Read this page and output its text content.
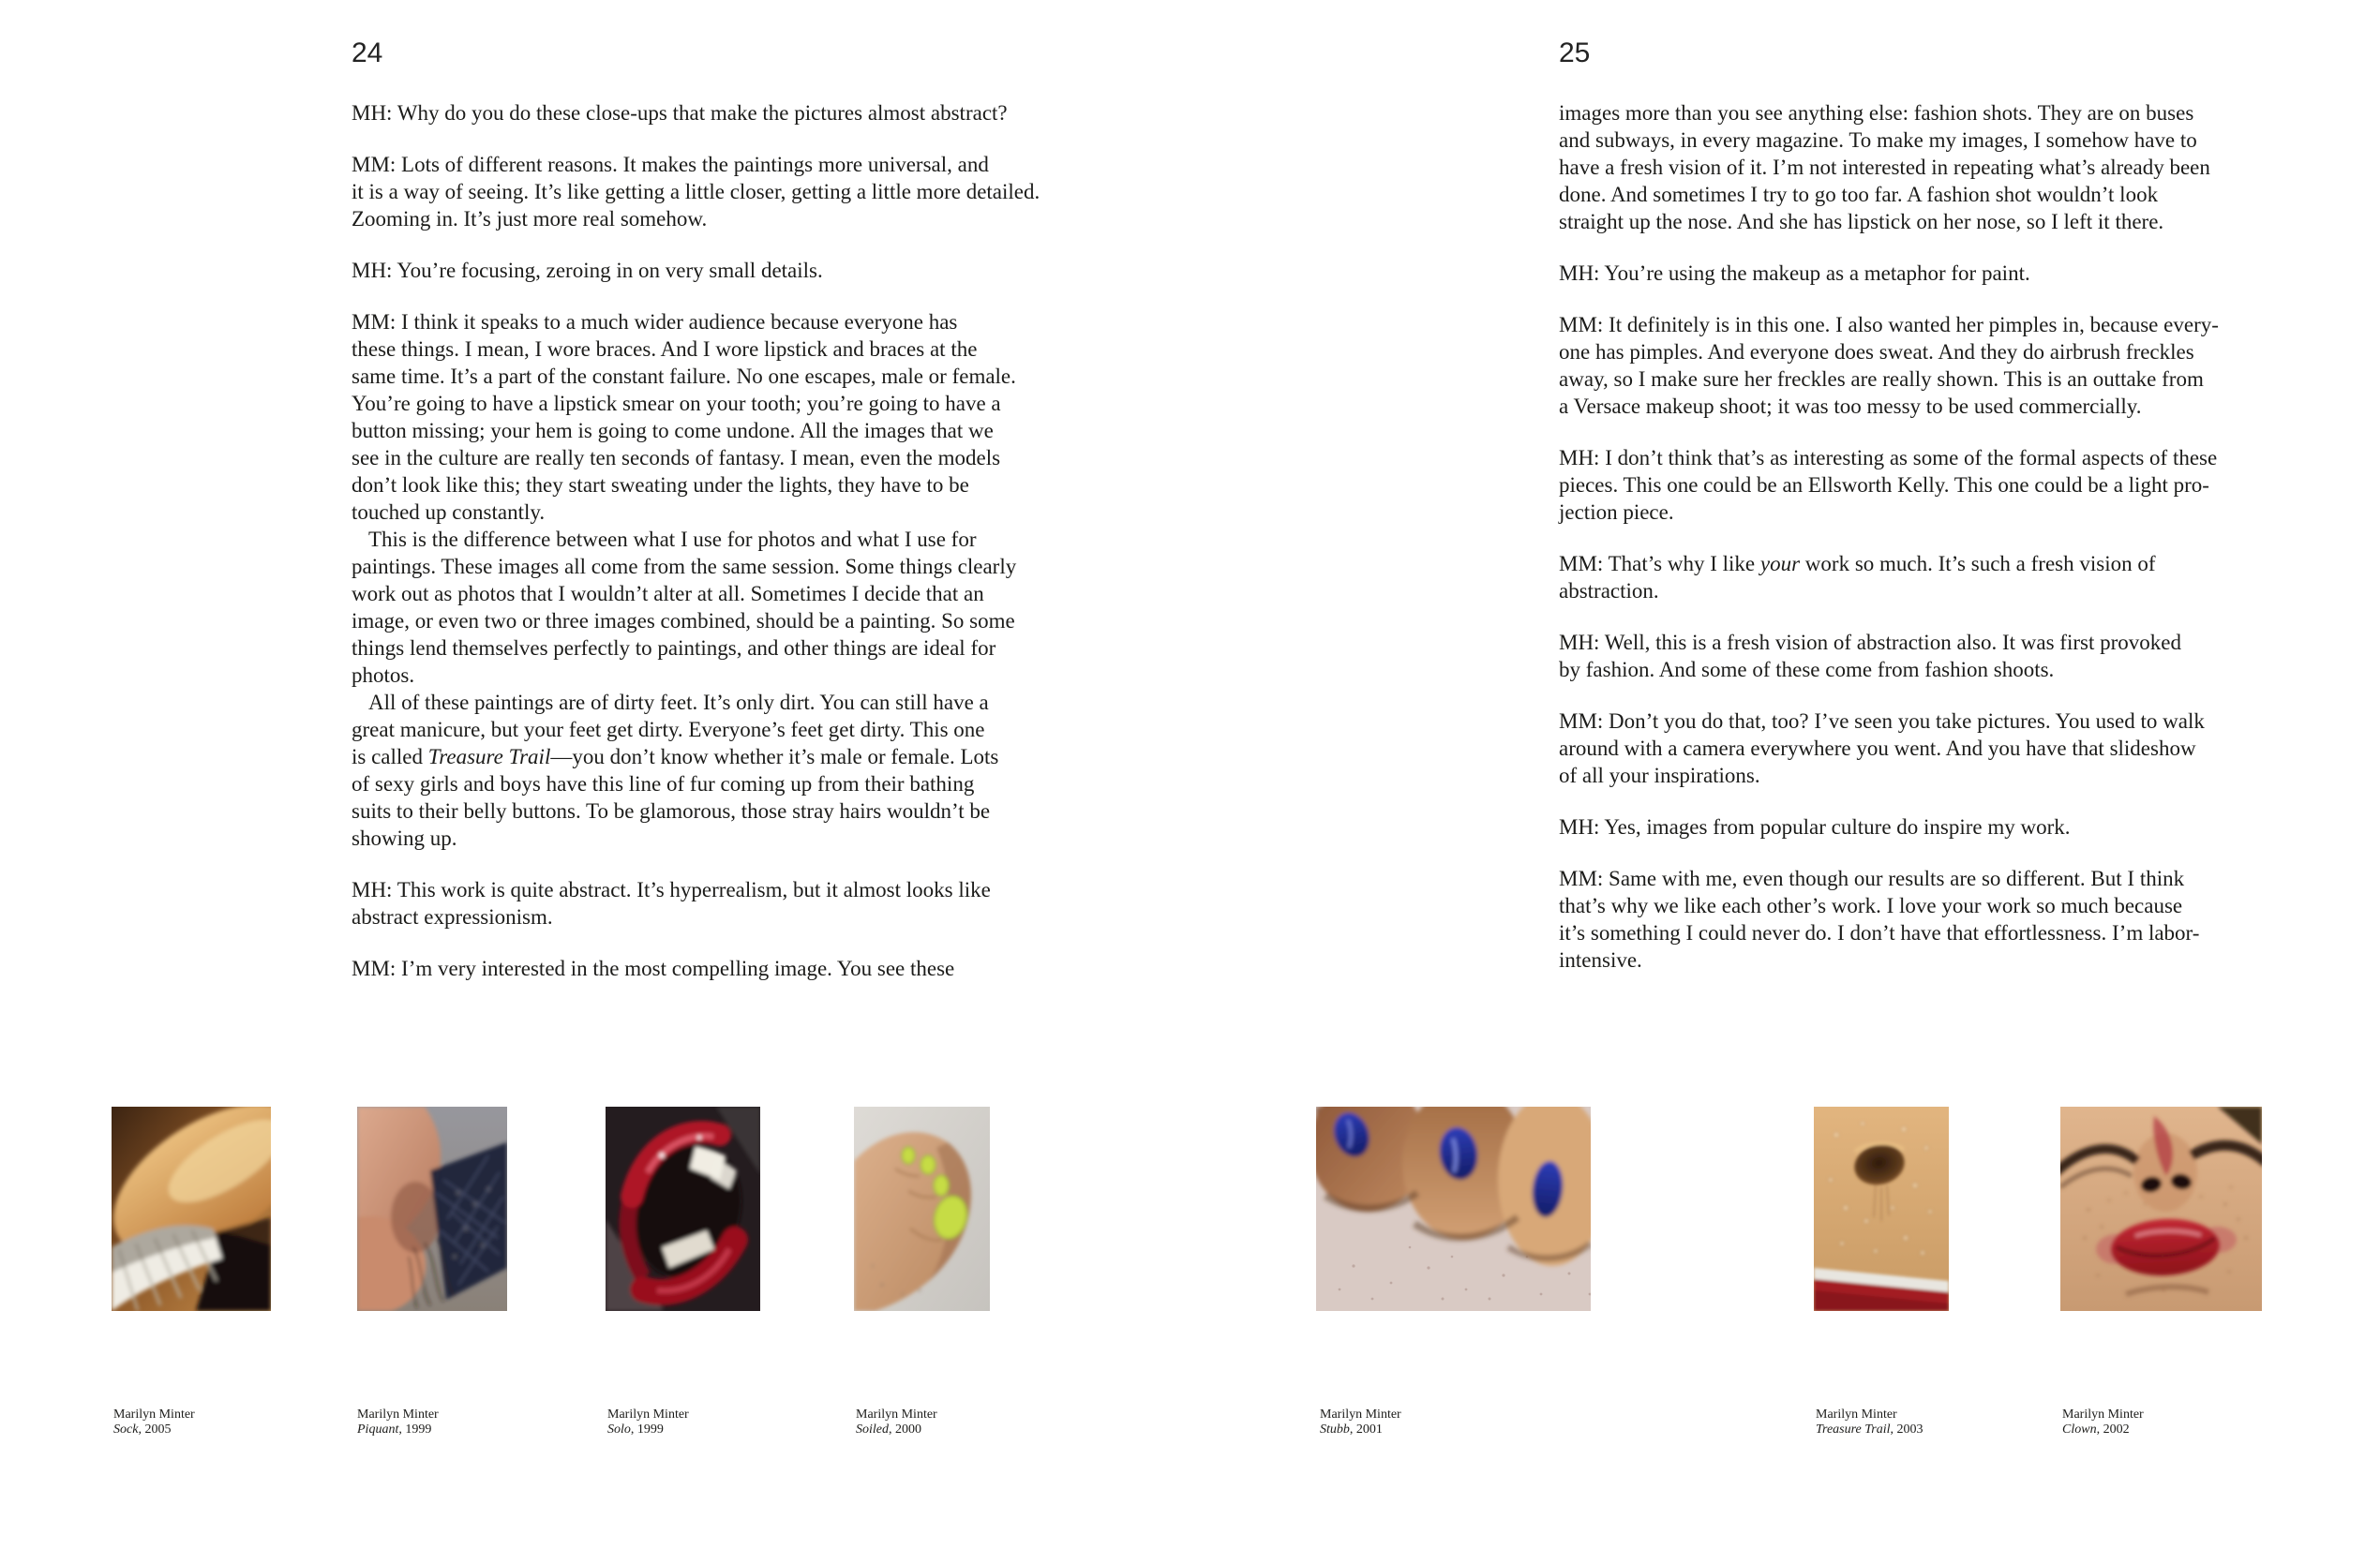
24	25

MH: Why do you do these close-ups that make the pictures almost abstract?

MM: Lots of different reasons. It makes the paintings more universal, and
it is a way of seeing. It’s like getting a little closer, getting a little more detailed.
Zooming in. It’s just more real somehow.

MH: You’re focusing, zeroing in on very small details.

MM: I think it speaks to a much wider audience because everyone has
these things. I mean, I wore braces. And I wore lipstick and braces at the
same time. It’s a part of the constant failure. No one escapes, male or female.
You’re going to have a lipstick smear on your tooth; you’re going to have a
button missing; your hem is going to come undone. All the images that we
see in the culture are really ten seconds of fantasy. I mean, even the models
don’t look like this; they start sweating under the lights, they have to be
touched up constantly.

This is the difference between what I use for photos and what I use for
paintings. These images all come from the same session. Some things clearly
work out as photos that I wouldn’t alter at all. Sometimes I decide that an
image, or even two or three images combined, should be a painting. So some
things lend themselves perfectly to paintings, and other things are ideal for
photos.

All of these paintings are of dirty feet. It’s only dirt. You can still have a
great manicure, but your feet get dirty. Everyone’s feet get dirty. This one
is called Treasure Trail—you don’t know whether it’s male or female. Lots
of sexy girls and boys have this line of fur coming up from their bathing
suits to their belly buttons. To be glamorous, those stray hairs wouldn’t be
showing up.

MH: This work is quite abstract. It’s hyperrealism, but it almost looks like
abstract expressionism.

MM: I’m very interested in the most compelling image. You see these

images more than you see anything else: fashion shots. They are on buses
and subways, in every magazine. To make my images, I somehow have to
have a fresh vision of it. I’m not interested in repeating what’s already been
done. And sometimes I try to go too far. A fashion shot wouldn’t look
straight up the nose. And she has lipstick on her nose, so I left it there.

MH: You’re using the makeup as a metaphor for paint.

MM: It definitely is in this one. I also wanted her pimples in, because every-
one has pimples. And everyone does sweat. And they do airbrush freckles
away, so I make sure her freckles are really shown. This is an outtake from
a Versace makeup shoot; it was too messy to be used commercially.

MH: I don’t think that’s as interesting as some of the formal aspects of these
pieces. This one could be an Ellsworth Kelly. This one could be a light pro-
jection piece.

MM: That’s why I like your work so much. It’s such a fresh vision of
abstraction.

MH: Well, this is a fresh vision of abstraction also. It was first provoked
by fashion. And some of these come from fashion shoots.

MM: Don’t you do that, too? I’ve seen you take pictures. You used to walk
around with a camera everywhere you went. And you have that slideshow
of all your inspirations.

MH: Yes, images from popular culture do inspire my work.

MM: Same with me, even though our results are so different. But I think
that’s why we like each other’s work. I love your work so much because
it’s something I could never do. I don’t have that effortlessness. I’m labor-
intensive.

Marilyn Minter
Sock, 2005
Marilyn Minter
Piquant, 1999
Marilyn Minter
Solo, 1999
Marilyn Minter
Soiled, 2000
Marilyn Minter
Stubb, 2001
Marilyn Minter
Treasure Trail, 2003
Marilyn Minter
Clown, 2002
